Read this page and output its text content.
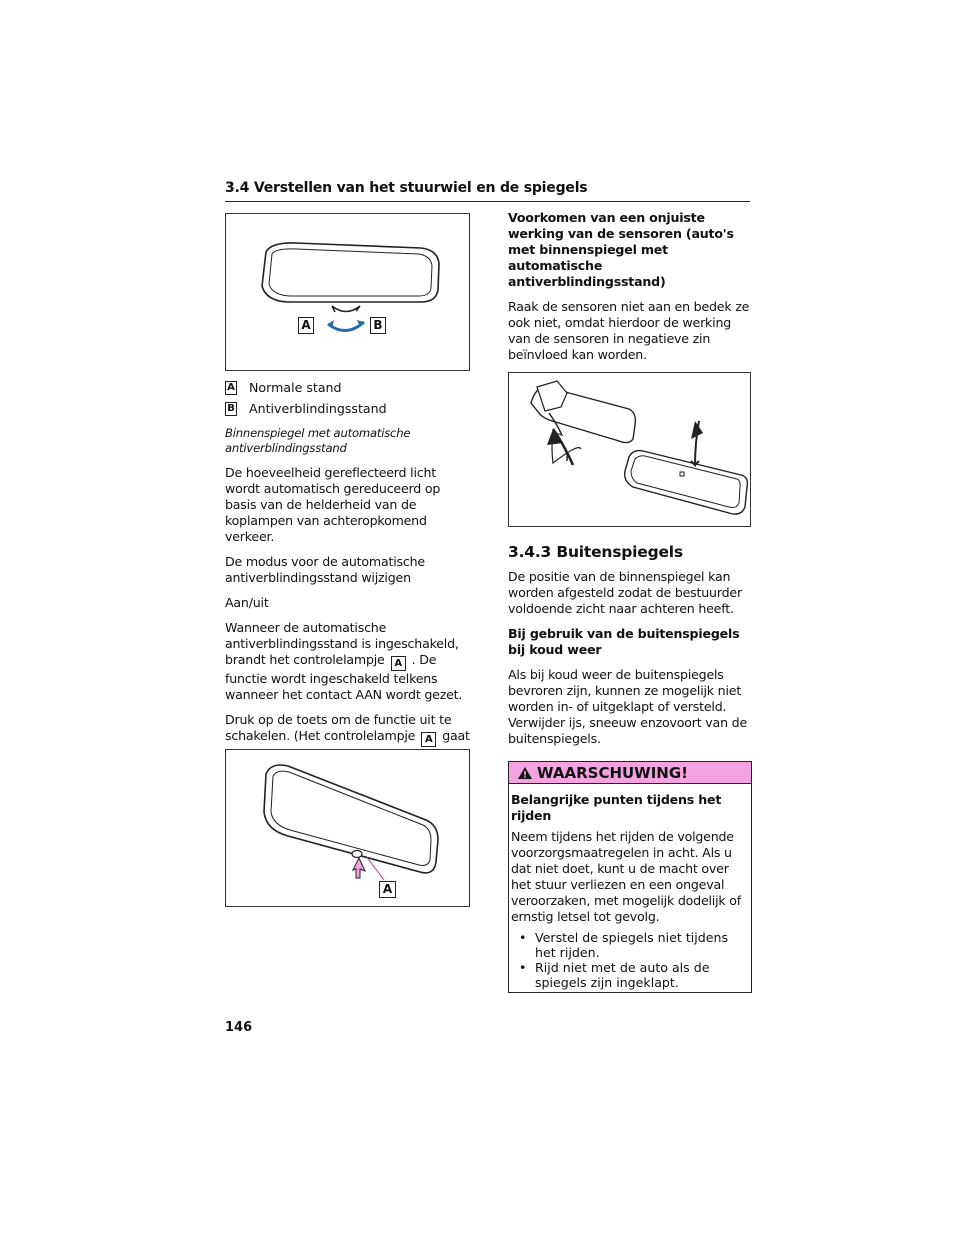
3.4 Verstellen van het stuurwiel en de spiegels
A	B
A Normale stand
B Antiverblindingsstand

Binnenspiegel met automatische antiverblindingsstand

De hoeveelheid gereflecteerd licht wordt automatisch gereduceerd op basis van de helderheid van de koplampen van achteropkomend verkeer.

De modus voor de automatische antiverblindingsstand wijzigen

Aan/uit

Wanneer de automatische antiverblindingsstand is ingeschakeld, brandt het controlelampje A . De functie wordt ingeschakeld telkens wanneer het contact AAN wordt gezet.

Druk op de toets om de functie uit te schakelen. (Het controlelampje A gaat

A

Voorkomen van een onjuiste werking van de sensoren (auto's met binnenspiegel met automatische antiverblindingsstand)

Raak de sensoren niet aan en bedek ze ook niet, omdat hierdoor de werking van de sensoren in negatieve zin beïnvloed kan worden.

3.4.3 Buitenspiegels

De positie van de binnenspiegel kan worden afgesteld zodat de bestuurder voldoende zicht naar achteren heeft.

Bij gebruik van de buitenspiegels bij koud weer

Als bij koud weer de buitenspiegels bevroren zijn, kunnen ze mogelijk niet worden in- of uitgeklapt of versteld. Verwijder ijs, sneeuw enzovoort van de buitenspiegels.

WAARSCHUWING!

Belangrijke punten tijdens het rijden

Neem tijdens het rijden de volgende voorzorgsmaatregelen in acht. Als u dat niet doet, kunt u de macht over het stuur verliezen en een ongeval veroorzaken, met mogelijk dodelijk of ernstig letsel tot gevolg.

• Verstel de spiegels niet tijdens het rijden.
• Rijd niet met de auto als de spiegels zijn ingeklapt.
146
